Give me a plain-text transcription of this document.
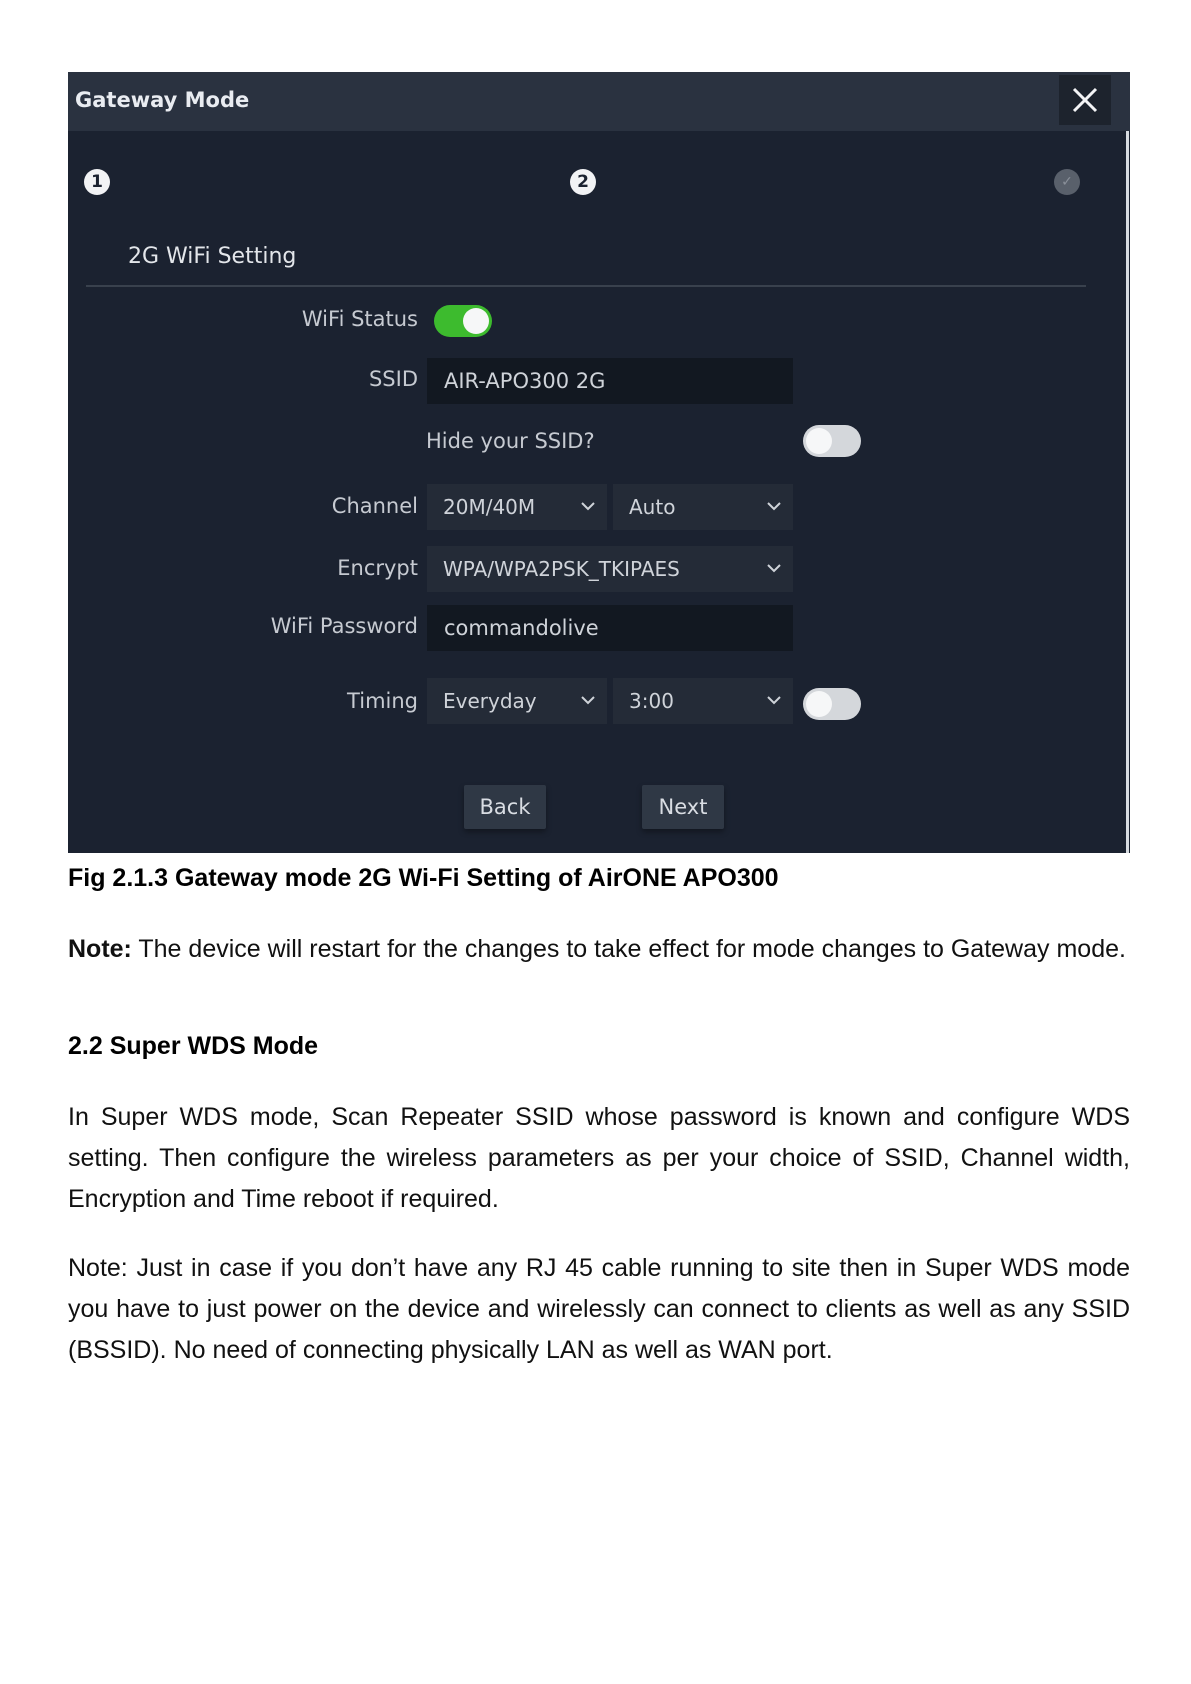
Gateway Mode
1	2	✓
2G WiFi Setting
WiFi Status
SSID	AIR-APO300 2G
Hide your SSID?
Channel	20M/40M	Auto
Encrypt	WPA/WPA2PSK_TKIPAES
WiFi Password	commandolive
Timing	Everyday	3:00
Back	Next
Fig 2.1.3 Gateway mode 2G Wi-Fi Setting of AirONE APO300
Note: The device will restart for the changes to take effect for mode changes to Gateway mode.
2.2 Super WDS Mode
In Super WDS mode, Scan Repeater SSID whose password is known and configure WDS setting. Then configure the wireless parameters as per your choice of SSID, Channel width, Encryption and Time reboot if required.
Note: Just in case if you don’t have any RJ 45 cable running to site then in Super WDS mode you have to just power on the device and wirelessly can connect to clients as well as any SSID (BSSID). No need of connecting physically LAN as well as WAN port.
